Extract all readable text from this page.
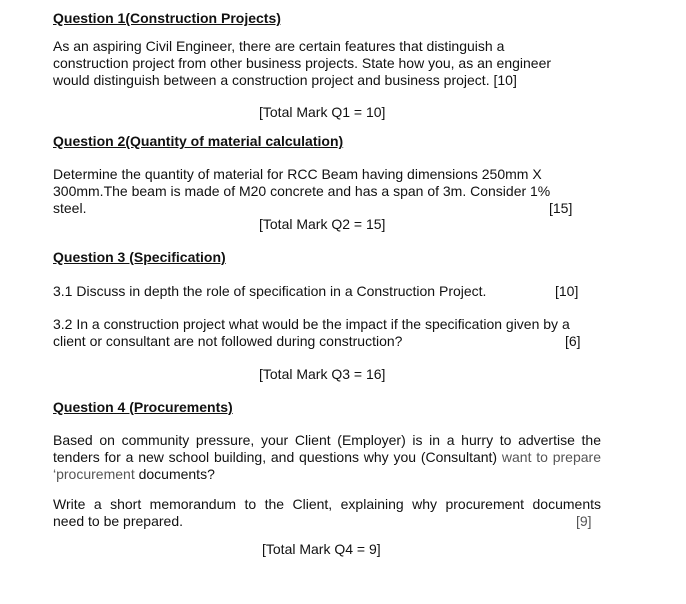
Question 1(Construction Projects)
As an aspiring Civil Engineer, there are certain features that distinguish a
construction project from other business projects. State how you, as an engineer
would distinguish between a construction project and business project. [10]
[Total Mark Q1 = 10]
Question 2(Quantity of material calculation)
Determine the quantity of material for RCC Beam having dimensions 250mm X
300mm.The beam is made of M20 concrete and has a span of 3m. Consider 1%
steel.	[15]
[Total Mark Q2 = 15]
Question 3 (Specification)
3.1 Discuss in depth the role of specification in a Construction Project.	[10]
3.2 In a construction project what would be the impact if the specification given by a
client or consultant are not followed during construction?	[6]
[Total Mark Q3 = 16]
Question 4 (Procurements)
Based on community pressure, your Client (Employer) is in a hurry to advertise the
tenders for a new school building, and questions why you (Consultant) want to prepare
‘procurement documents?
Write a short memorandum to the Client, explaining why procurement documents
need to be prepared.	[9]
[Total Mark Q4 = 9]
